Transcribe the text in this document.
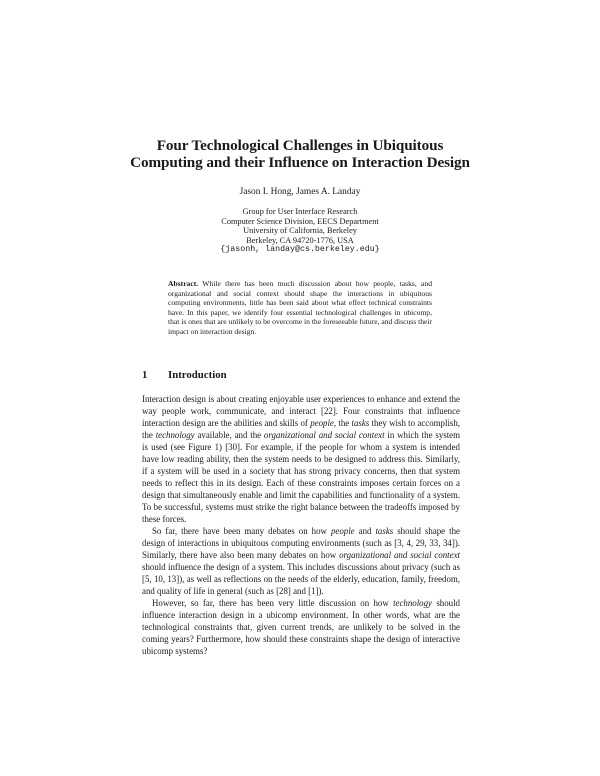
Four Technological Challenges in Ubiquitous
Computing and their Influence on Interaction Design
Jason I. Hong, James A. Landay
Group for User Interface Research
Computer Science Division, EECS Department
University of California, Berkeley
Berkeley, CA 94720-1776, USA
{jasonh, landay@cs.berkeley.edu}
Abstract. While there has been much discussion about how people, tasks, and organizational and social context should shape the interactions in ubiquitous computing environments, little has been said about what effect technical constraints have. In this paper, we identify four essential technological challenges in ubicomp, that is ones that are unlikely to be overcome in the foreseeable future, and discuss their impact on interaction design.
1 Introduction

Interaction design is about creating enjoyable user experiences to enhance and extend the way people work, communicate, and interact [22]. Four constraints that influence interaction design are the abilities and skills of people, the tasks they wish to accomplish, the technology available, and the organizational and social context in which the system is used (see Figure 1) [30]. For example, if the people for whom a system is intended have low reading ability, then the system needs to be designed to address this. Similarly, if a system will be used in a society that has strong privacy concerns, then that system needs to reflect this in its design. Each of these constraints imposes certain forces on a design that simultaneously enable and limit the capabilities and functionality of a system. To be successful, systems must strike the right balance between the tradeoffs imposed by these forces.

So far, there have been many debates on how people and tasks should shape the design of interactions in ubiquitous computing environments (such as [3, 4, 29, 33, 34]). Similarly, there have also been many debates on how organizational and social context should influence the design of a system. This includes discussions about privacy (such as [5, 10, 13]), as well as reflections on the needs of the elderly, education, family, freedom, and quality of life in general (such as [28] and [1]).

However, so far, there has been very little discussion on how technology should influence interaction design in a ubicomp environment. In other words, what are the technological constraints that, given current trends, are unlikely to be solved in the coming years? Furthermore, how should these constraints shape the design of interactive ubicomp systems?
